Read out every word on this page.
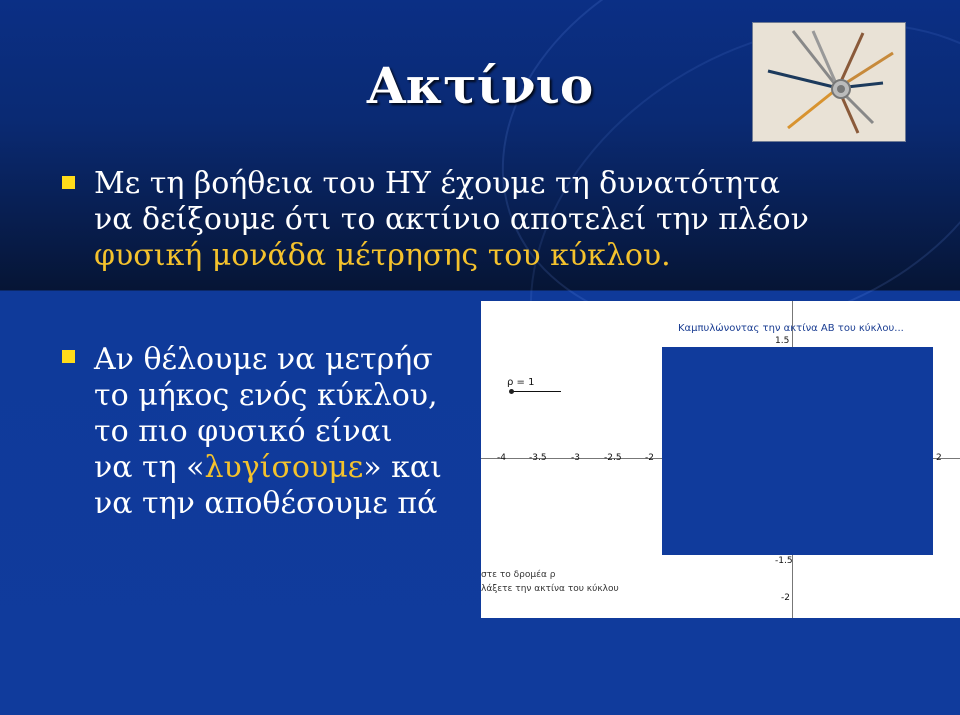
Ακτίνιο
Με τη βοήθεια του ΗΥ έχουμε τη δυνατότητα
να δείξουμε ότι το ακτίνιο αποτελεί την πλέον
φυσική μονάδα μέτρησης του κύκλου.
Αν θέλουμε να μετρήσ
το μήκος ενός κύκλου,
το πιο φυσικό είναι
να τη «λυγίσουμε» και
να την αποθέσουμε πά
Καμπυλώνοντας την ακτίνα ΑΒ του κύκλου...
ρ = 1
-4	-3.5	-3	-2.5	-2	2
1.5
-1.5
-2
στε το δρομέα ρ
λάξετε την ακτίνα του κύκλου
